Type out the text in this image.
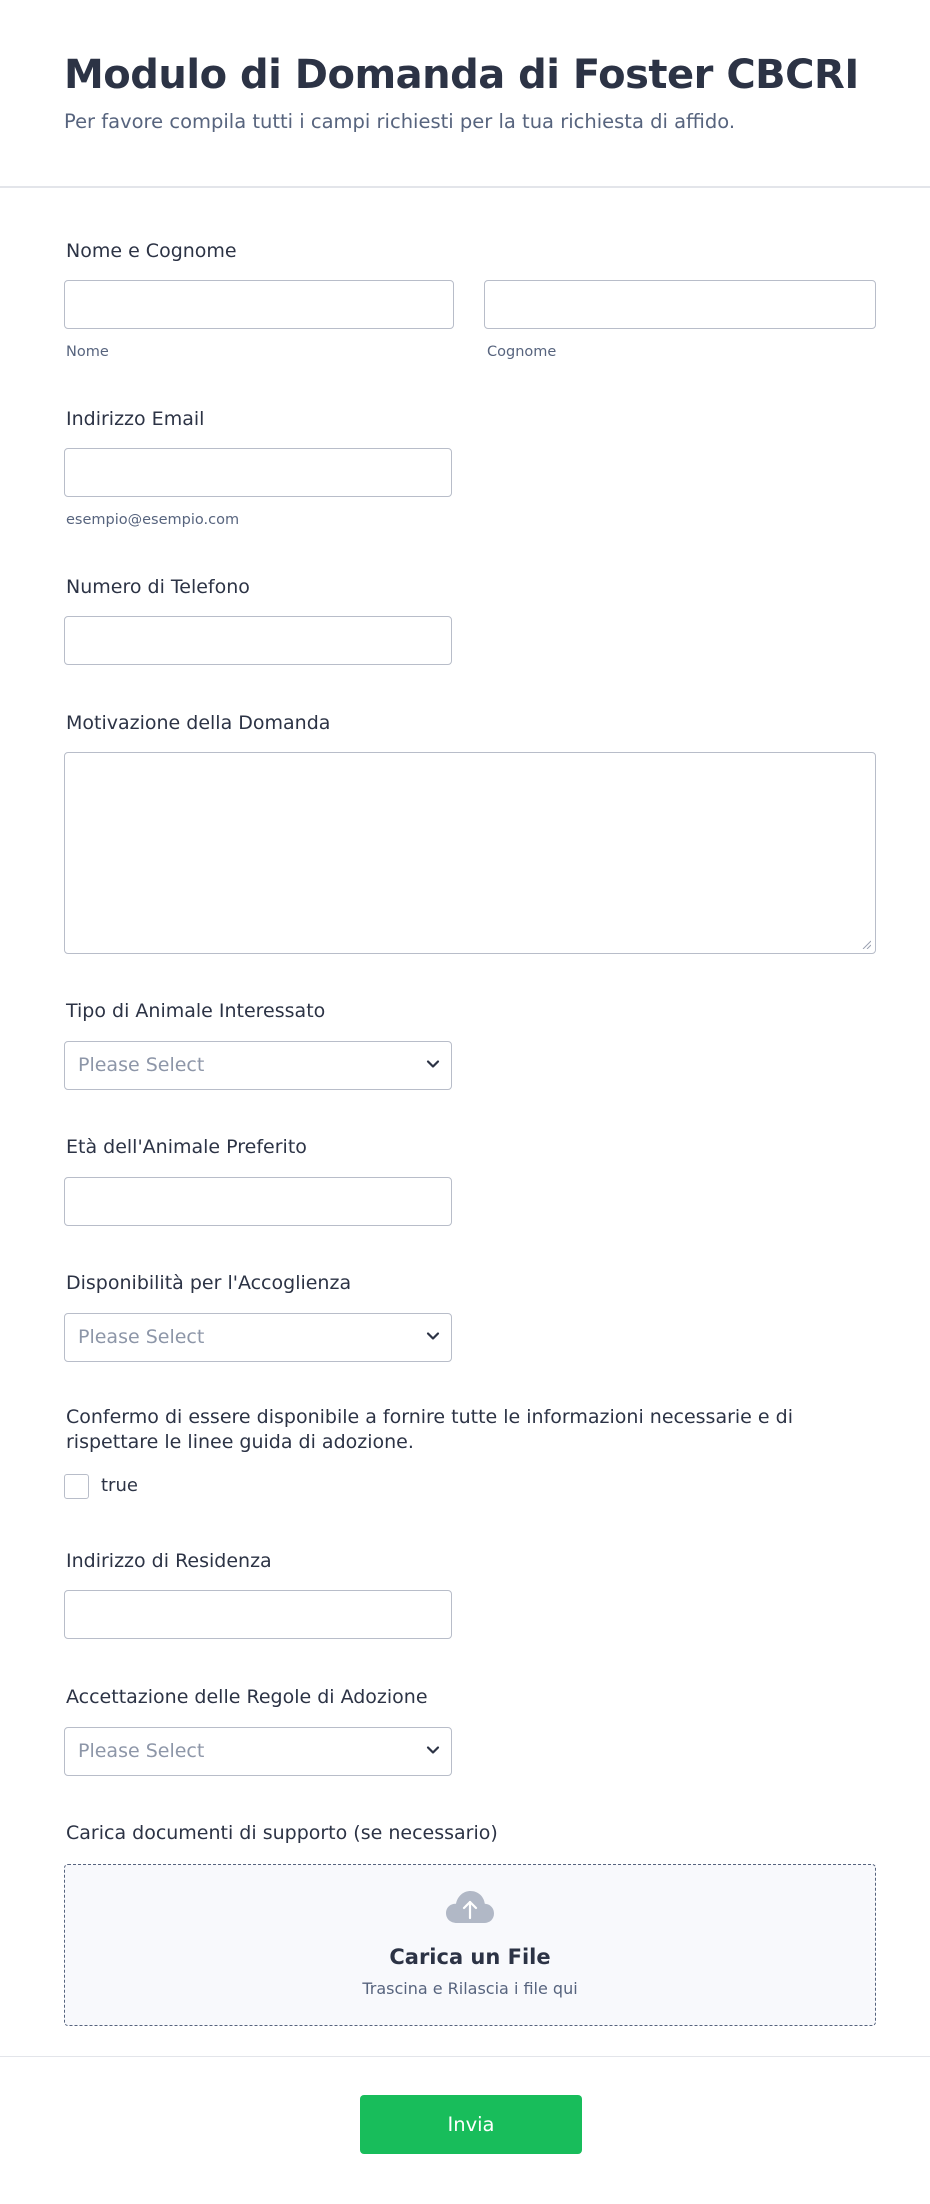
Modulo di Domanda di Foster CBCRI
Per favore compila tutti i campi richiesti per la tua richiesta di affido.
Nome e Cognome
Nome	Cognome
Indirizzo Email
esempio@esempio.com
Numero di Telefono
Motivazione della Domanda
Tipo di Animale Interessato
Please Select
Età dell'Animale Preferito
Disponibilità per l'Accoglienza
Please Select
Confermo di essere disponibile a fornire tutte le informazioni necessarie e di rispettare le linee guida di adozione.
true
Indirizzo di Residenza
Accettazione delle Regole di Adozione
Please Select
Carica documenti di supporto (se necessario)
Carica un File
Trascina e Rilascia i file qui
Invia
